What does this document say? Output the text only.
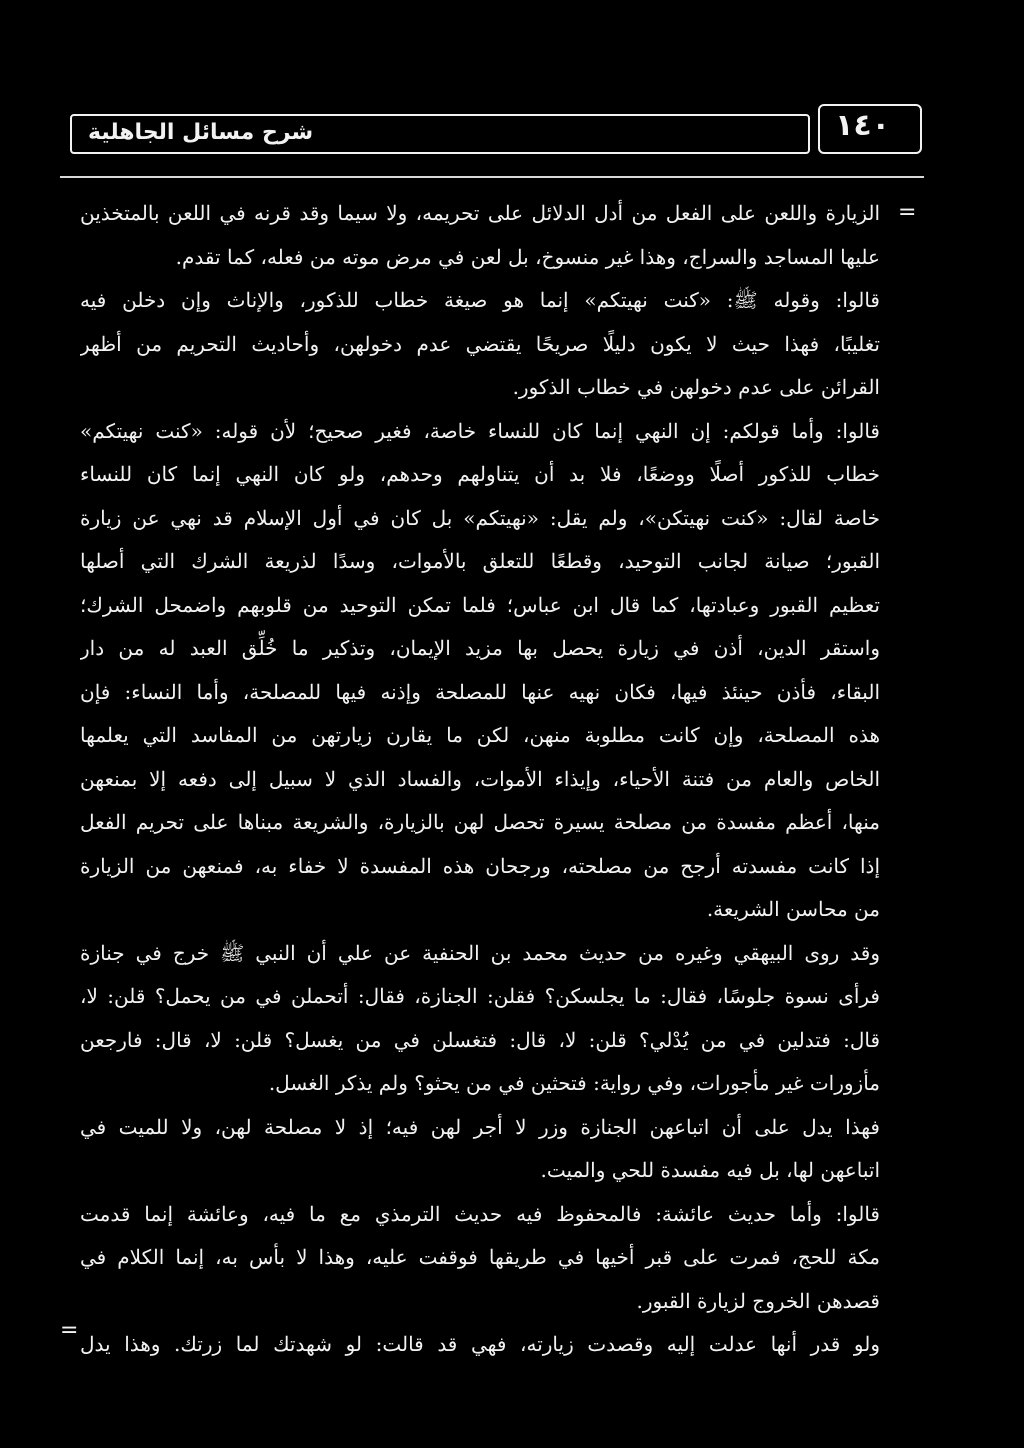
شرح مسائل الجاهلية	١٤٠
=
الزيارة واللعن على الفعل من أدل الدلائل على تحريمه، ولا سيما وقد قرنه في اللعن بالمتخذين
عليها المساجد والسراج، وهذا غير منسوخ، بل لعن في مرض موته من فعله، كما تقدم.
قالوا: وقوله ﷺ: «كنت نهيتكم» إنما هو صيغة خطاب للذكور، والإناث وإن دخلن فيه
تغليبًا، فهذا حيث لا يكون دليلًا صريحًا يقتضي عدم دخولهن، وأحاديث التحريم من أظهر
القرائن على عدم دخولهن في خطاب الذكور.
قالوا: وأما قولكم: إن النهي إنما كان للنساء خاصة، فغير صحيح؛ لأن قوله: «كنت نهيتكم»
خطاب للذكور أصلًا ووضعًا، فلا بد أن يتناولهم وحدهم، ولو كان النهي إنما كان للنساء
خاصة لقال: «كنت نهيتكن»، ولم يقل: «نهيتكم» بل كان في أول الإسلام قد نهي عن زيارة
القبور؛ صيانة لجانب التوحيد، وقطعًا للتعلق بالأموات، وسدًا لذريعة الشرك التي أصلها
تعظيم القبور وعبادتها، كما قال ابن عباس؛ فلما تمكن التوحيد من قلوبهم واضمحل الشرك؛
واستقر الدين، أذن في زيارة يحصل بها مزيد الإيمان، وتذكير ما خُلِّق العبد له من دار
البقاء، فأذن حينئذ فيها، فكان نهيه عنها للمصلحة وإذنه فيها للمصلحة، وأما النساء: فإن
هذه المصلحة، وإن كانت مطلوبة منهن، لكن ما يقارن زيارتهن من المفاسد التي يعلمها
الخاص والعام من فتنة الأحياء، وإيذاء الأموات، والفساد الذي لا سبيل إلى دفعه إلا بمنعهن
منها، أعظم مفسدة من مصلحة يسيرة تحصل لهن بالزيارة، والشريعة مبناها على تحريم الفعل
إذا كانت مفسدته أرجح من مصلحته، ورجحان هذه المفسدة لا خفاء به، فمنعهن من الزيارة
من محاسن الشريعة.
وقد روى البيهقي وغيره من حديث محمد بن الحنفية عن علي أن النبي ﷺ خرج في جنازة
فرأى نسوة جلوسًا، فقال: ما يجلسكن؟ فقلن: الجنازة، فقال: أتحملن في من يحمل؟ قلن: لا،
قال: فتدلين في من يُدْلي؟ قلن: لا، قال: فتغسلن في من يغسل؟ قلن: لا، قال: فارجعن
مأزورات غير مأجورات، وفي رواية: فتحثين في من يحثو؟ ولم يذكر الغسل.
فهذا يدل على أن اتباعهن الجنازة وزر لا أجر لهن فيه؛ إذ لا مصلحة لهن، ولا للميت في
اتباعهن لها، بل فيه مفسدة للحي والميت.
قالوا: وأما حديث عائشة: فالمحفوظ فيه حديث الترمذي مع ما فيه، وعائشة إنما قدمت
مكة للحج، فمرت على قبر أخيها في طريقها فوقفت عليه، وهذا لا بأس به، إنما الكلام في
قصدهن الخروج لزيارة القبور.
ولو قدر أنها عدلت إليه وقصدت زيارته، فهي قد قالت: لو شهدتك لما زرتك. وهذا يدل
=
